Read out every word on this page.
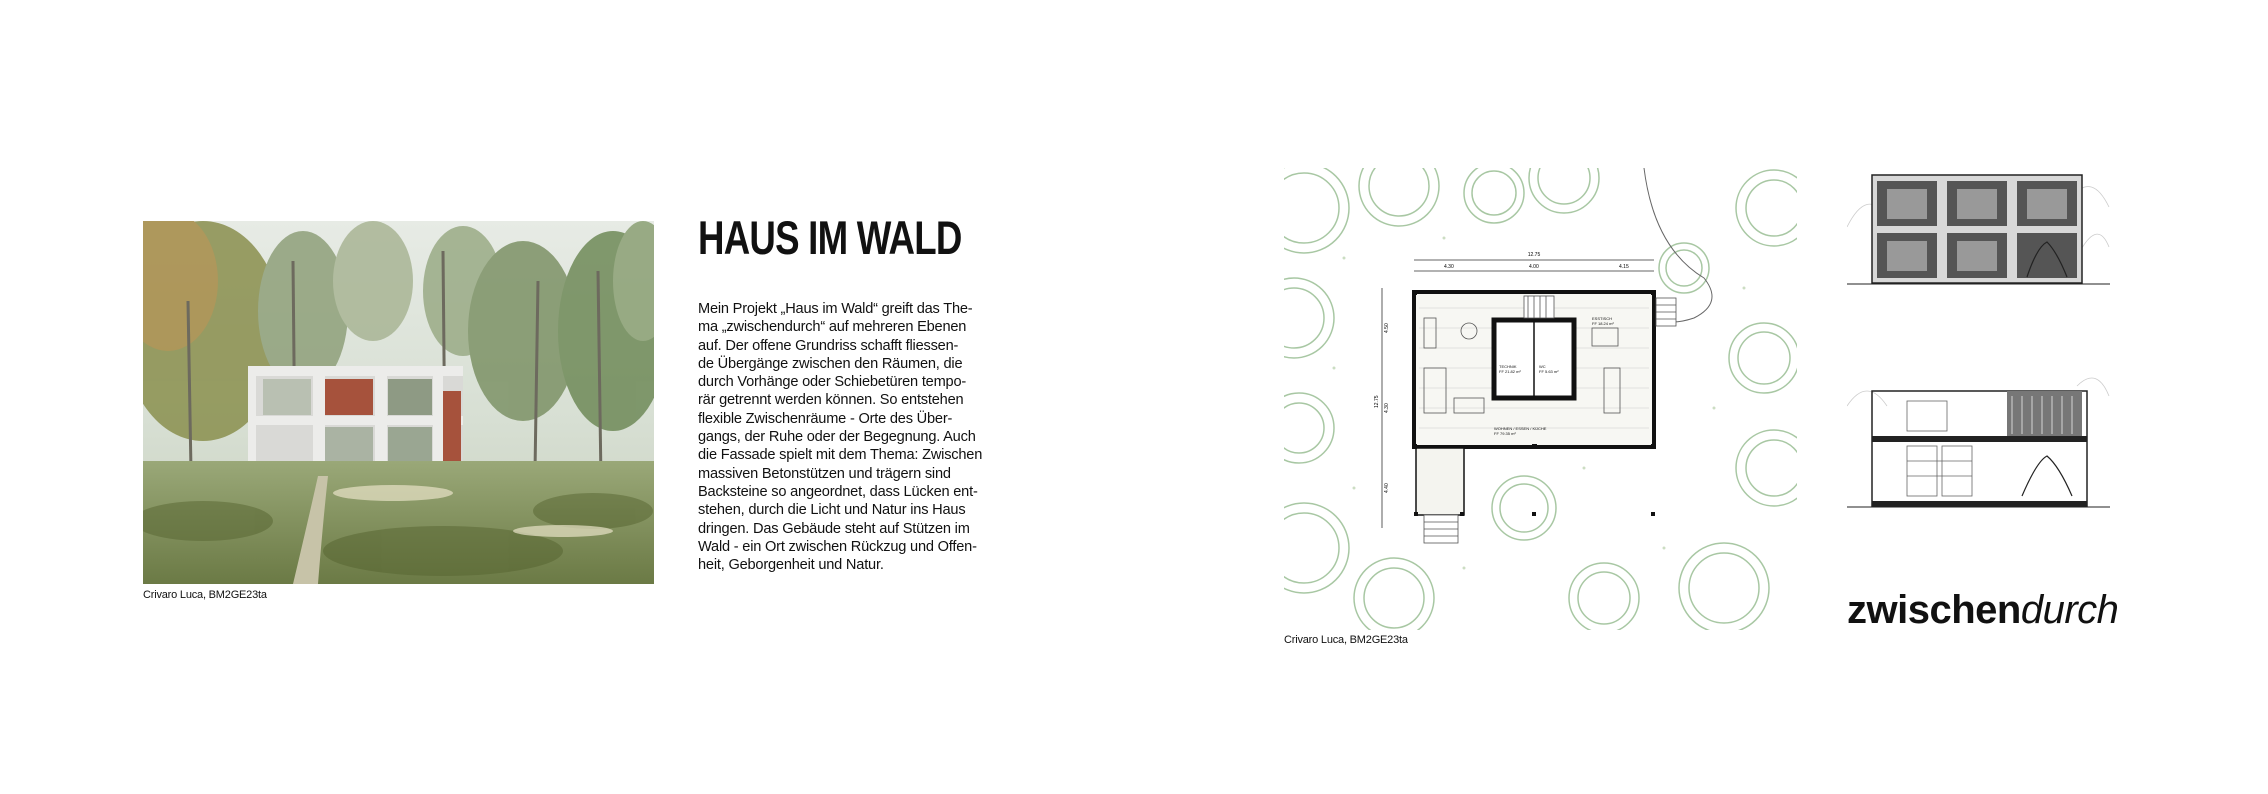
Crivaro Luca, BM2GE23ta
HAUS IM WALD
Mein Projekt „Haus im Wald“ greift das The-
ma „zwischendurch“ auf mehreren Ebenen
auf. Der offene Grundriss schafft fliessen-
de Übergänge zwischen den Räumen, die
durch Vorhänge oder Schiebetüren tempo-
rär getrennt werden können. So entstehen
flexible Zwischenräume - Orte des Über-
gangs, der Ruhe oder der Begegnung. Auch
die Fassade spielt mit dem Thema: Zwischen
massiven Betonstützen und trägern sind
Backsteine so angeordnet, dass Lücken ent-
stehen, durch die Licht und Natur ins Haus
dringen. Das Gebäude steht auf Stützen im
Wald - ein Ort zwischen Rückzug und Offen-
heit, Geborgenheit und Natur.
12.75
4.30	4.00	4.15
12.75
4.50
4.30
4.40
ESSTISCH
FF 18.24 m²
TECHNIK
FF 21.82 m²
WC
FF 5.63 m²
WOHNEN / ESSEN / KÜCHE
FF 79.35 m²
Crivaro Luca, BM2GE23ta
zwischendurch
